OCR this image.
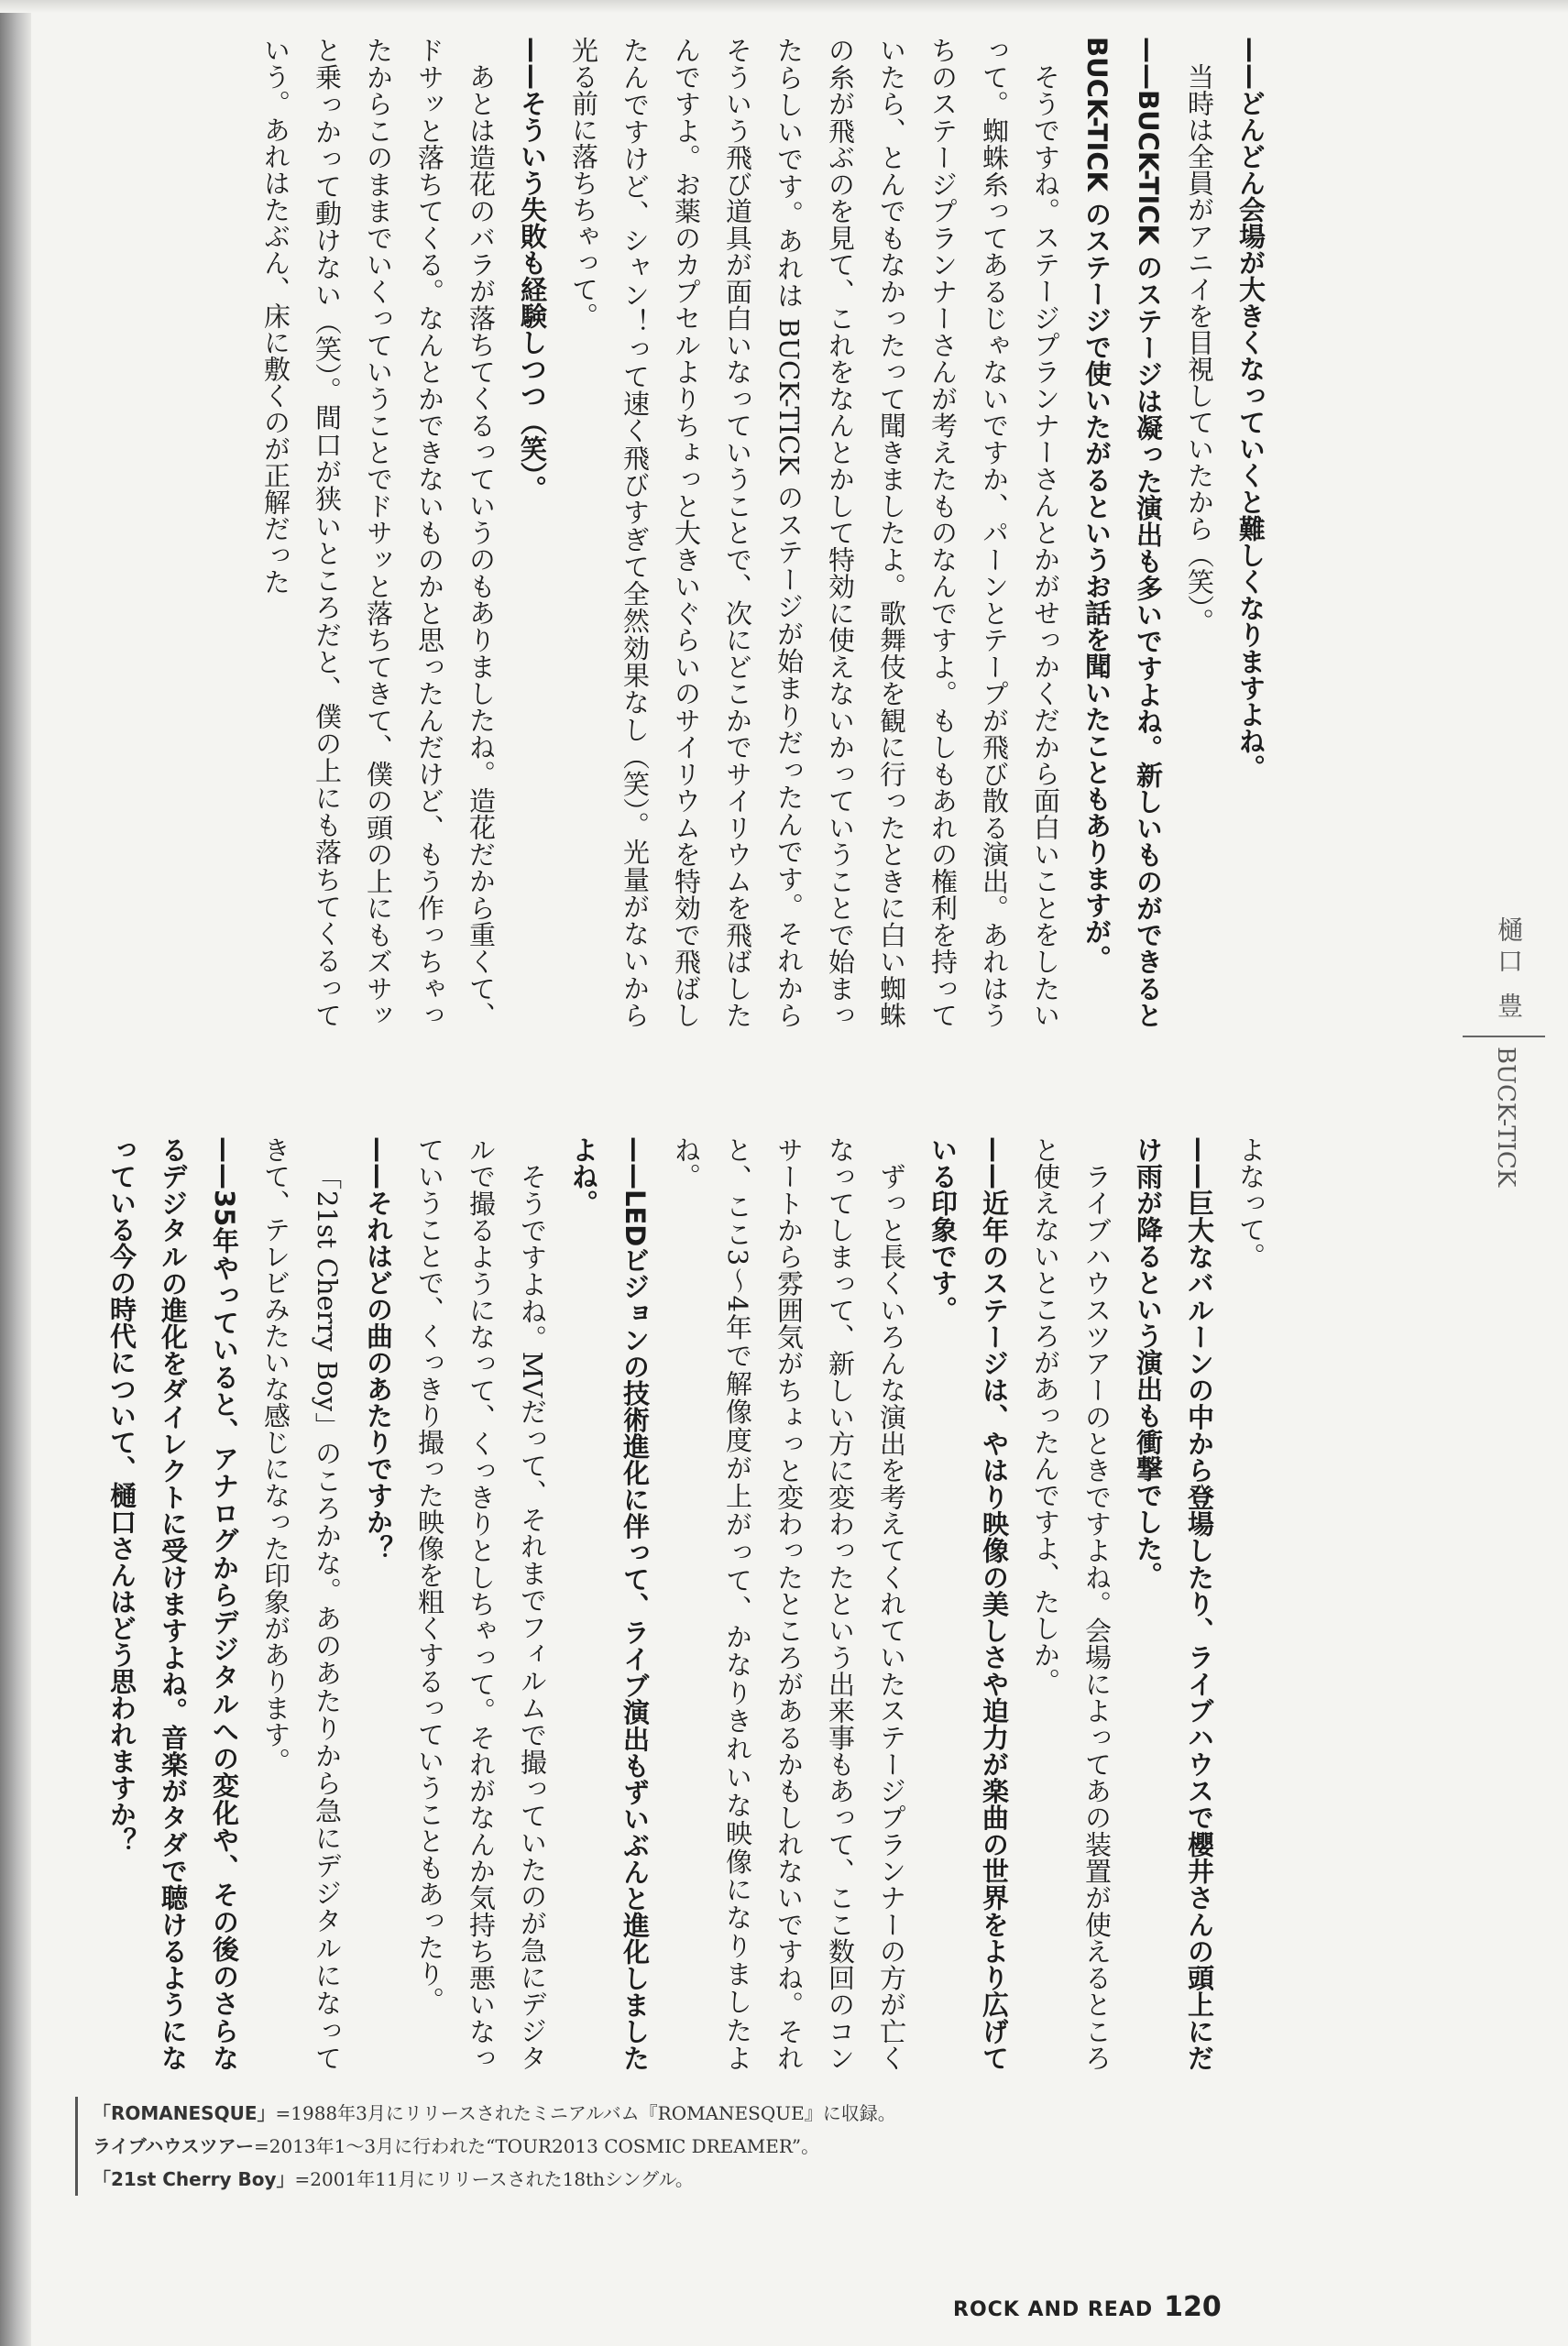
——どんどん会場が大きくなっていくと難しくなりますよね。

当時は全員がアニイを目視していたから（笑）。

——BUCK-TICK のステージは凝った演出も多いですよね。新しいものができると BUCK-TICK のステージで使いたがるというお話を聞いたこともありますが。

そうですね。ステージプランナーさんとかがせっかくだから面白いことをしたいって。蜘蛛糸ってあるじゃないですか、パーンとテープが飛び散る演出。あれはうちのステージプランナーさんが考えたものなんですよ。もしもあれの権利を持っていたら、とんでもなかったって聞きましたよ。歌舞伎を観に行ったときに白い蜘蛛の糸が飛ぶのを見て、これをなんとかして特効に使えないかっていうことで始まったらしいです。あれは BUCK-TICK のステージが始まりだったんです。それからそういう飛び道具が面白いなっていうことで、次にどこかでサイリウムを飛ばしたんですよ。お薬のカプセルよりちょっと大きいぐらいのサイリウムを特効で飛ばしたんですけど、シャン！って速く飛びすぎて全然効果なし（笑）。光量がないから光る前に落ちちゃって。

——そういう失敗も経験しつつ（笑）。

あとは造花のバラが落ちてくるっていうのもありましたね。造花だから重くて、ドサッと落ちてくる。なんとかできないものかと思ったんだけど、もう作っちゃったからこのままでいくっていうことでドサッと落ちてきて、僕の頭の上にもズサッと乗っかって動けない（笑）。間口が狭いところだと、僕の上にも落ちてくるっていう。あれはたぶん、床に敷くのが正解だった

樋口 豊
BUCK-TICK

よなって。

——巨大なバルーンの中から登場したり、ライブハウスで櫻井さんの頭上にだけ雨が降るという演出も衝撃でした。

ライブハウスツアーのときですよね。会場によってあの装置が使えるところと使えないところがあったんですよ、たしか。

——近年のステージは、やはり映像の美しさや迫力が楽曲の世界をより広げている印象です。

ずっと長くいろんな演出を考えてくれていたステージプランナーの方が亡くなってしまって、新しい方に変わったという出来事もあって、ここ数回のコンサートから雰囲気がちょっと変わったところがあるかもしれないですね。それと、ここ3〜4年で解像度が上がって、かなりきれいな映像になりましたよね。

——LEDビジョンの技術進化に伴って、ライブ演出もずいぶんと進化しましたよね。

そうですよね。MVだって、それまでフィルムで撮っていたのが急にデジタルで撮るようになって、くっきりとしちゃって。それがなんか気持ち悪いなっていうことで、くっきり撮った映像を粗くするっていうこともあったり。

——それはどの曲のあたりですか？

「21st Cherry Boy」のころかな。あのあたりから急にデジタルになってきて、テレビみたいな感じになった印象があります。

——35年やっていると、アナログからデジタルへの変化や、その後のさらなるデジタルの進化をダイレクトに受けますよね。音楽がタダで聴けるようになっている今の時代について、樋口さんはどう思われますか？

「ROMANESQUE」=1988年3月にリリースされたミニアルバム『ROMANESQUE』に収録。
ライブハウスツアー=2013年1～3月に行われた“TOUR2013 COSMIC DREAMER”。
「21st Cherry Boy」=2001年11月にリリースされた18thシングル。
ROCK AND READ 120
